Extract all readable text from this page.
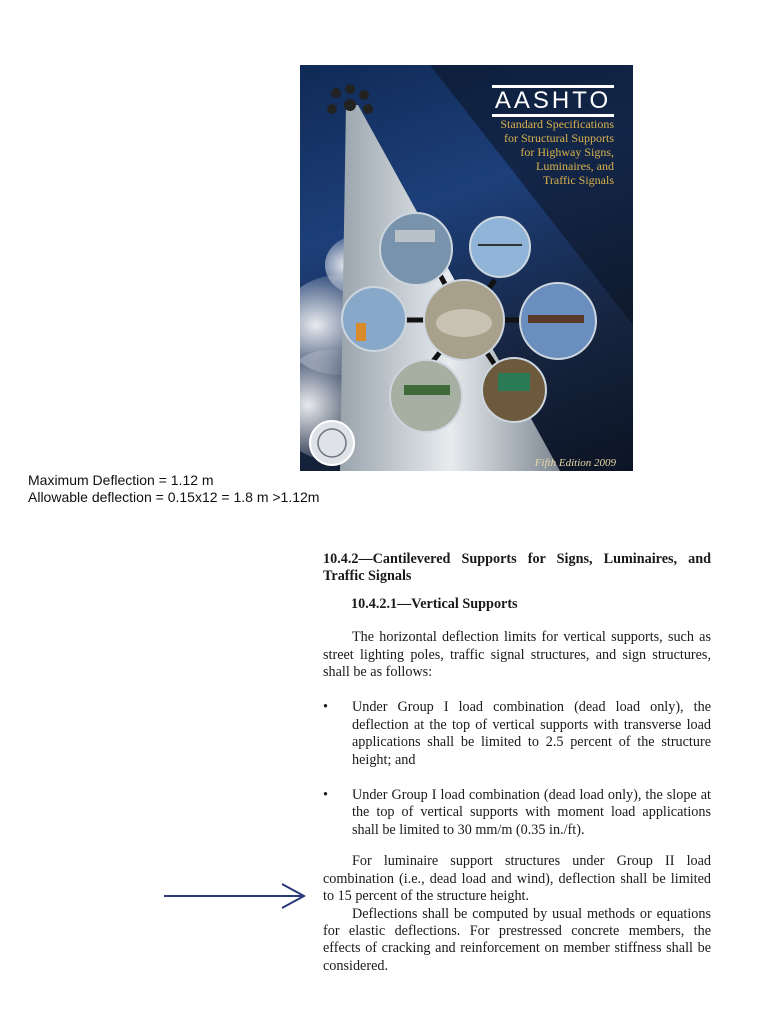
AASHTO
Standard Specifications
for Structural Supports
for Highway Signs,
Luminaires, and
Traffic Signals
Fifth Edition 2009
Maximum Deflection = 1.12 m
Allowable deflection = 0.15x12 = 1.8 m >1.12m
10.4.2—Cantilevered Supports for Signs, Luminaires, and Traffic Signals
10.4.2.1—Vertical Supports

The horizontal deflection limits for vertical supports, such as street lighting poles, traffic signal structures, and sign structures, shall be as follows:

• Under Group I load combination (dead load only), the deflection at the top of vertical supports with transverse load applications shall be limited to 2.5 percent of the structure height; and
• Under Group I load combination (dead load only), the slope at the top of vertical supports with moment load applications shall be limited to 30 mm/m (0.35 in./ft).

For luminaire support structures under Group II load combination (i.e., dead load and wind), deflection shall be limited to 15 percent of the structure height.

Deflections shall be computed by usual methods or equations for elastic deflections. For prestressed concrete members, the effects of cracking and reinforcement on member stiffness shall be considered.
